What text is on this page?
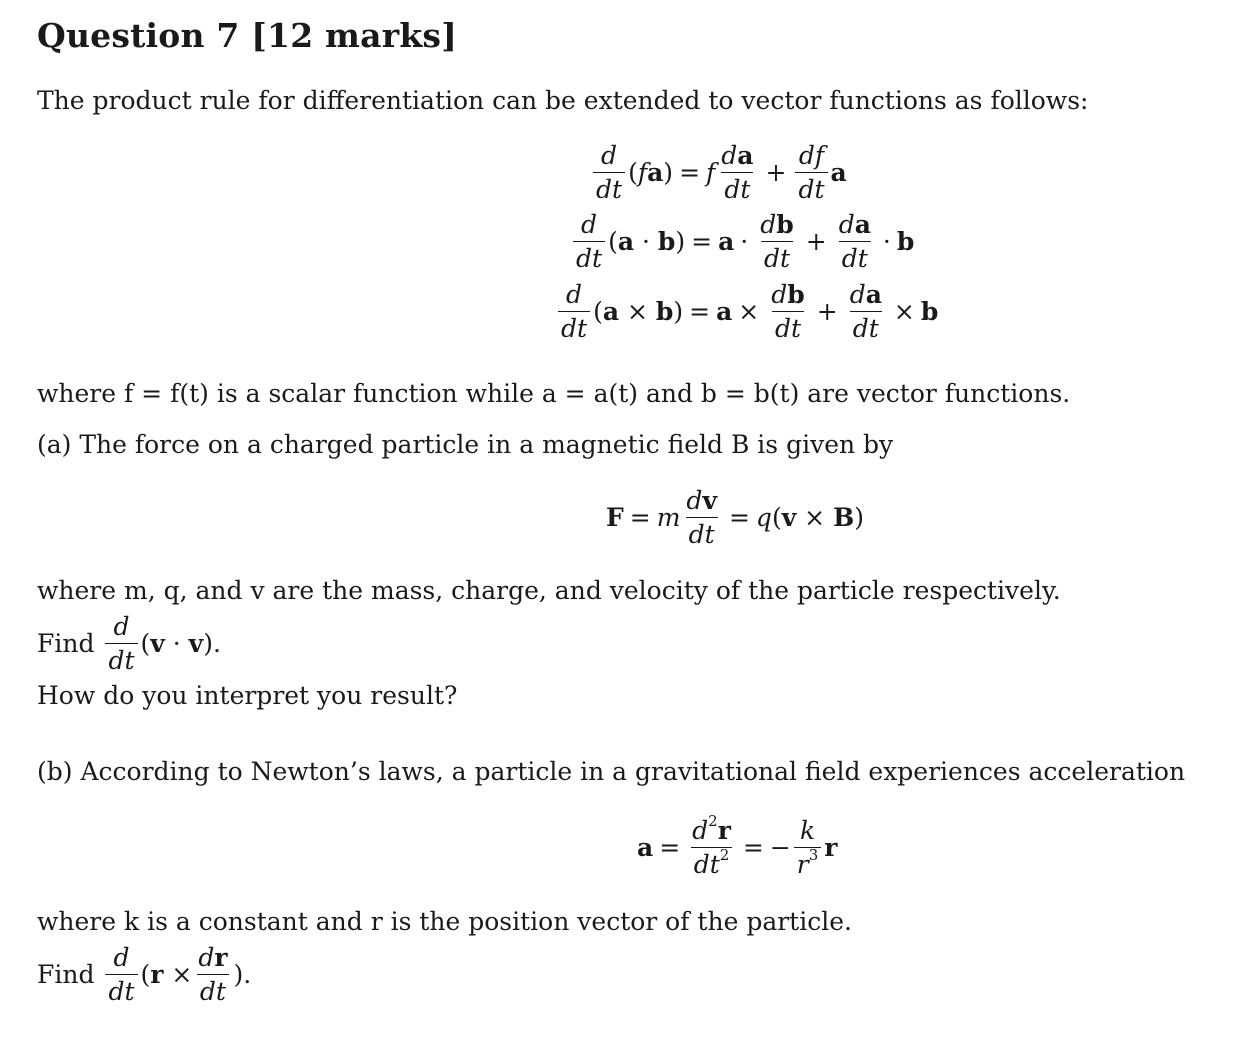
Question 7 [12 marks]
The product rule for differentiation can be extended to vector functions as follows:
$\frac{d}{dt} (fa) = f \frac{da}{dt} + \frac{df}{dt}$ a
$\frac{d}{dt} (a \cdot b) = a \cdot \frac{db}{dt} + \frac{da}{dt} \cdot b$
$\frac{d}{dt} (a \times b) = a \times \frac{db}{dt} + \frac{da}{dt} \times b$
where f = f(t) is a scalar function while a = a(t) and b = b(t) are vector functions.
(a) The force on a charged particle in a magnetic field B is given by
F = m $\frac{dv}{dt} = q(v \times B)$
where m, q, and v are the mass, charge, and velocity of the particle respectively.
Find $\frac{d}{dt} (v \cdot v)$.
How do you interpret you result?
(b) According to Newton’s laws, a particle in a gravitational field experiences acceleration
$a = \frac{d^2r}{dt^2}$ = − $\frac{k}{r^3}$ r
where k is a constant and r is the position vector of the particle.
Find $\frac{d}{dt} (r \times \frac{dr}{dt}$ ).
